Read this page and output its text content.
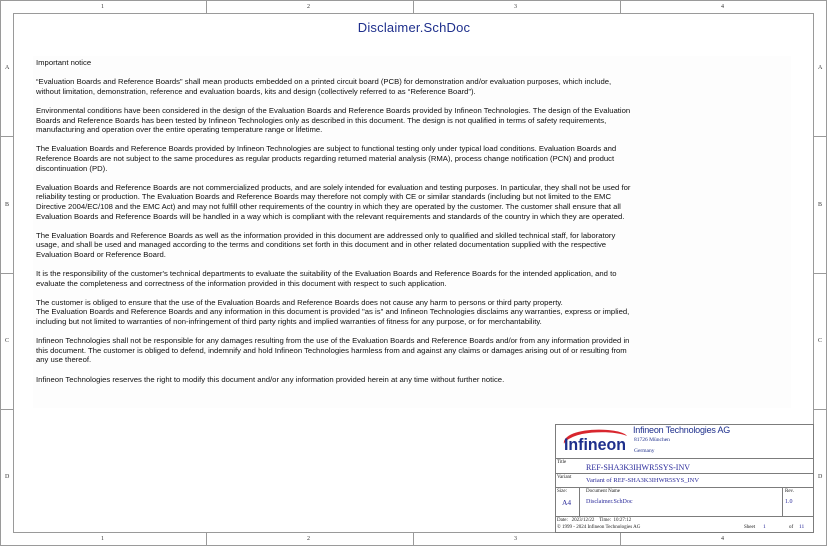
1	2	3	4
1	2	3	4
A
B
C
D
A
B
C
D
Disclaimer.SchDoc

Important notice

“Evaluation Boards and Reference Boards” shall mean products embedded on a printed circuit board (PCB) for demonstration and/or evaluation purposes, which include,
without limitation, demonstration, reference and evaluation boards, kits and design (collectively referred to as “Reference Board”).

Environmental conditions have been considered in the design of the Evaluation Boards and Reference Boards provided by Infineon Technologies. The design of the Evaluation
Boards and Reference Boards has been tested by Infineon Technologies only as described in this document. The design is not qualified in terms of safety requirements,
manufacturing and operation over the entire operating temperature range or lifetime.

The Evaluation Boards and Reference Boards provided by Infineon Technologies are subject to functional testing only under typical load conditions. Evaluation Boards and
Reference Boards are not subject to the same procedures as regular products regarding returned material analysis (RMA), process change notification (PCN) and product
discontinuation (PD).

Evaluation Boards and Reference Boards are not commercialized products, and are solely intended for evaluation and testing purposes. In particular, they shall not be used for
reliability testing or production. The Evaluation Boards and Reference Boards may therefore not comply with CE or similar standards (including but not limited to the EMC
Directive 2004/EC/108 and the EMC Act) and may not fulfill other requirements of the country in which they are operated by the customer. The customer shall ensure that all
Evaluation Boards and Reference Boards will be handled in a way which is compliant with the relevant requirements and standards of the country in which they are operated.

The Evaluation Boards and Reference Boards as well as the information provided in this document are addressed only to qualified and skilled technical staff, for laboratory
usage, and shall be used and managed according to the terms and conditions set forth in this document and in other related documentation supplied with the respective
Evaluation Board or Reference Board.

It is the responsibility of the customer's technical departments to evaluate the suitability of the Evaluation Boards and Reference Boards for the intended application, and to
evaluate the completeness and correctness of the information provided in this document with respect to such application.

The customer is obliged to ensure that the use of the Evaluation Boards and Reference Boards does not cause any harm to persons or third party property.
The Evaluation Boards and Reference Boards and any information in this document is provided "as is" and Infineon Technologies disclaims any warranties, express or implied,
including but not limited to warranties of non-infringement of third party rights and implied warranties of fitness for any purpose, or for merchantability.

Infineon Technologies shall not be responsible for any damages resulting from the use of the Evaluation Boards and Reference Boards and/or from any information provided in
this document. The customer is obliged to defend, indemnify and hold Infineon Technologies harmless from and against any claims or damages arising out of or resulting from
any use thereof.

Infineon Technologies reserves the right to modify this document and/or any information provided herein at any time without further notice.

Infineon
Infineon Technologies AG
81726 München
Germany
Title
REF-SHA3K3IHWR5SYS-INV
Variant Variant of REF-SHA3K3IHWR5SYS_INV
Size:
A4
Document Name
Disclaimer.SchDoc
Rev.
1.0
Date:   2023/12/22    Time:  10:27:12
© 1999 - 2024 Infineon Technologies AG	Sheet 1	of 11
